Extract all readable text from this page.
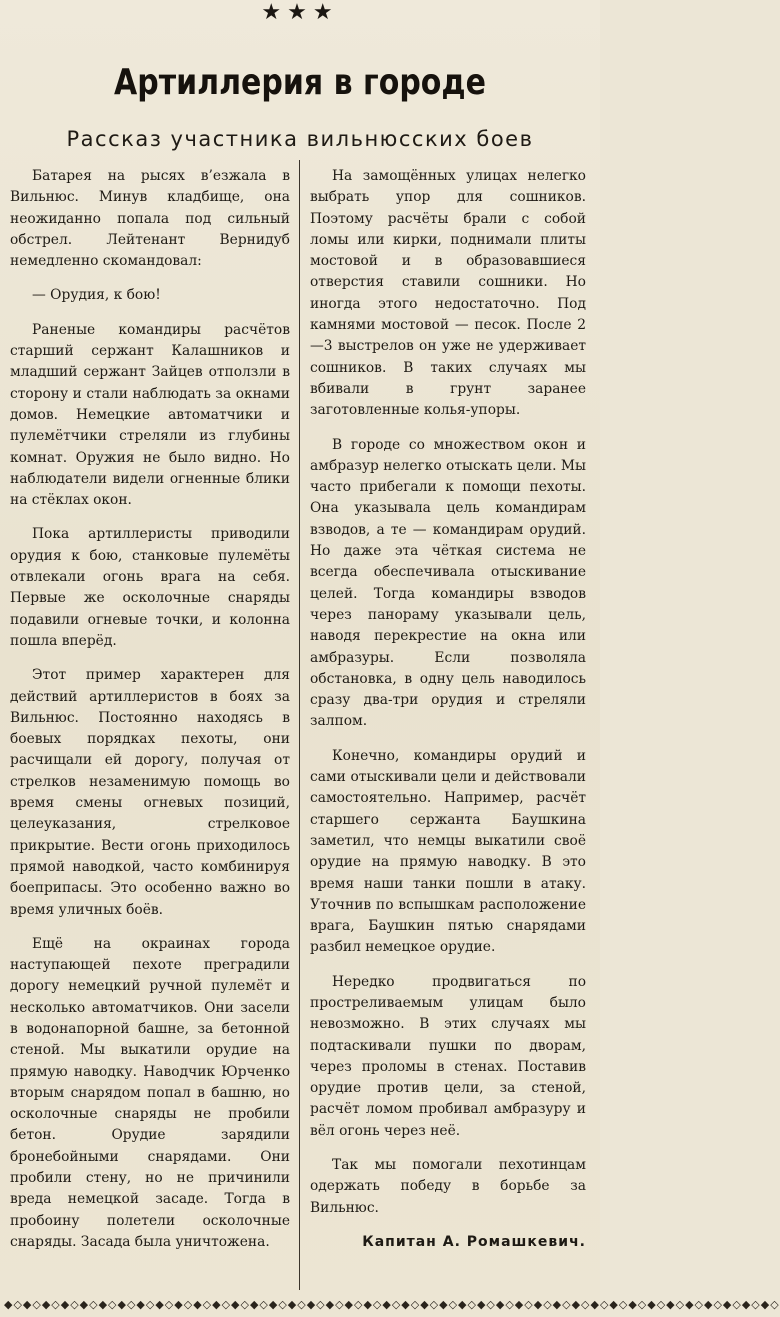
★★★
Артиллерия в городе
Рассказ участника вильнюсских боев

Батарея на рысях в’езжала в Вильнюс. Минув кладбище, она неожиданно попала под сильный обстрел. Лейтенант Вернидуб немедленно скомандовал:

— Орудия, к бою!

Раненые командиры расчётов старший сержант Калашников и младший сержант Зайцев отползли в сторону и стали наблюдать за окнами домов. Немецкие автоматчики и пулемётчики стреляли из глубины комнат. Оружия не было видно. Но наблюдатели видели огненные блики на стёклах окон.

Пока артиллеристы приводили орудия к бою, станковые пулемёты отвлекали огонь врага на себя. Первые же осколочные снаряды подавили огневые точки, и колонна пошла вперёд.

Этот пример характерен для действий артиллеристов в боях за Вильнюс. Постоянно находясь в боевых порядках пехоты, они расчищали ей дорогу, получая от стрелков незаменимую помощь во время смены огневых позиций, целеуказания, стрелковое прикрытие. Вести огонь приходилось прямой наводкой, часто комбинируя боеприпасы. Это особенно важно во время уличных боёв.

Ещё на окраинах города наступающей пехоте преградили дорогу немецкий ручной пулемёт и несколько автоматчиков. Они засели в водонапорной башне, за бетонной стеной. Мы выкатили орудие на прямую наводку. Наводчик Юрченко вторым снарядом попал в башню, но осколочные снаряды не пробили бетон. Орудие зарядили бронебойными снарядами. Они пробили стену, но не причинили вреда немецкой засаде. Тогда в пробоину полетели осколочные снаряды. Засада была уничтожена.

На замощённых улицах нелегко выбрать упор для сошников. Поэтому расчёты брали с собой ломы или кирки, поднимали плиты мостовой и в образовавшиеся отверстия ставили сошники. Но иногда этого недостаточно. Под камнями мостовой — песок. После 2—3 выстрелов он уже не удерживает сошников. В таких случаях мы вбивали в грунт заранее заготовленные колья-упоры.

В городе со множеством окон и амбразур нелегко отыскать цели. Мы часто прибегали к помощи пехоты. Она указывала цель командирам взводов, а те — командирам орудий. Но даже эта чёткая система не всегда обеспечивала отыскивание целей. Тогда командиры взводов через панораму указывали цель, наводя перекрестие на окна или амбразуры. Если позволяла обстановка, в одну цель наводилось сразу два-три орудия и стреляли залпом.

Конечно, командиры орудий и сами отыскивали цели и действовали самостоятельно. Например, расчёт старшего сержанта Баушкина заметил, что немцы выкатили своё орудие на прямую наводку. В это время наши танки пошли в атаку. Уточнив по вспышкам расположение врага, Баушкин пятью снарядами разбил немецкое орудие.

Нередко продвигаться по простреливаемым улицам было невозможно. В этих случаях мы подтаскивали пушки по дворам, через проломы в стенах. Поставив орудие против цели, за стеной, расчёт ломом пробивал амбразуру и вёл огонь через неё.

Так мы помогали пехотинцам одержать победу в борьбе за Вильнюс.

Капитан А. Ромашкевич.

◆◇◆◇◆◇◆◇◆◇◆◇◆◇◆◇◆◇◆◇◆◇◆◇◆◇◆◇◆◇◆◇◆◇◆◇◆◇◆◇◆◇◆◇◆◇◆◇◆◇◆◇◆◇◆◇◆◇◆◇◆◇◆◇◆◇◆◇◆◇◆◇◆◇◆◇◆◇◆◇◆◇
